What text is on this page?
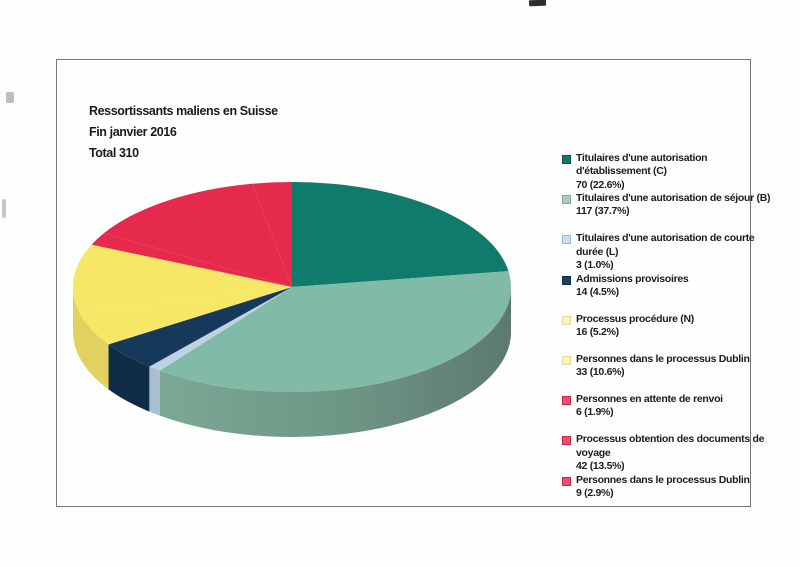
Ressortissants maliens en Suisse
Fin janvier 2016
Total 310	Titulaires d'une autorisation d'établissement (C)
70 (22.6%)
Titulaires d'une autorisation de séjour (B)
117 (37.7%)
Titulaires d'une autorisation de courte durée (L)
3 (1.0%)
Admissions provisoires
14 (4.5%)
Processus procédure (N)
16 (5.2%)
Personnes dans le processus Dublin
33 (10.6%)
Personnes en attente de renvoi
6 (1.9%)
Processus obtention des documents de voyage
42 (13.5%)
Personnes dans le processus Dublin
9 (2.9%)
